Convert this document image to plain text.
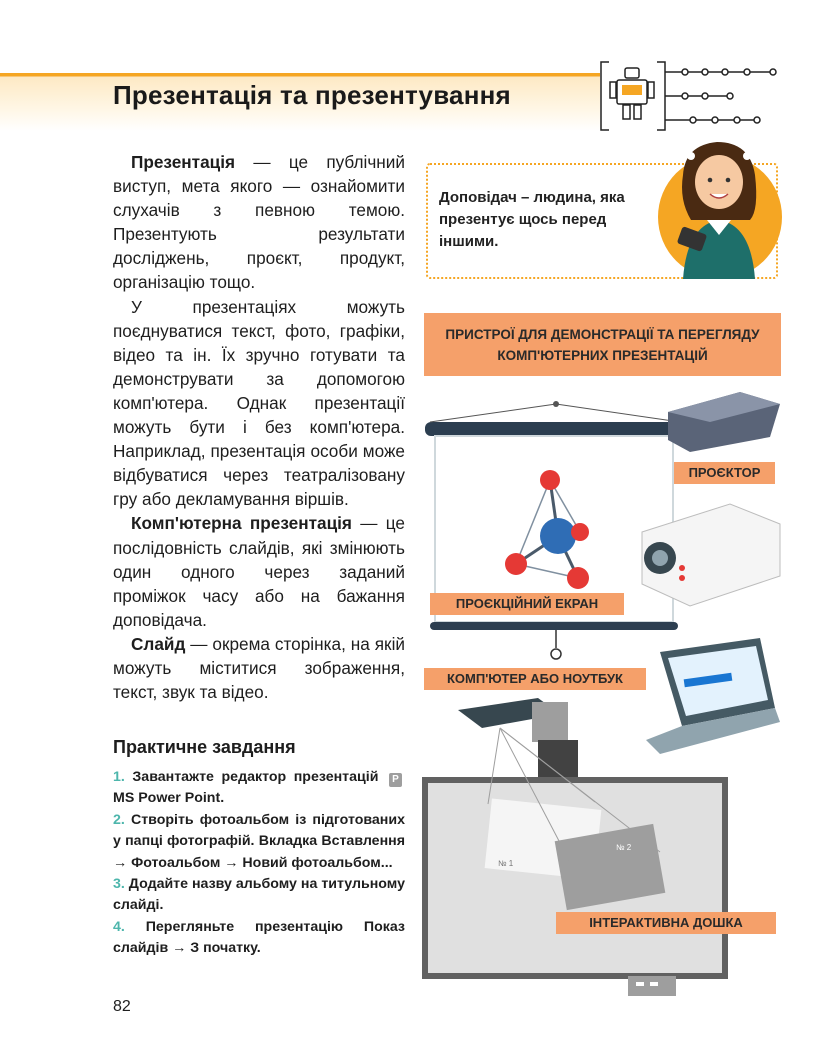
Презентація та презентування

Презентація — це публічний виступ, мета якого — ознайомити слухачів з певною темою. Презентують результати досліджень, проєкт, продукт, організацію тощо.

У презентаціях можуть поєднуватися текст, фото, графіки, відео та ін. Їх зручно готувати та демонструвати за допомогою комп'ютера. Однак презентації можуть бути і без комп'ютера. Наприклад, презентація особи може відбуватися через театралізовану гру або декламування віршів.

Комп'ютерна презентація — це послідовність слайдів, які змінюють один одного через заданий проміжок часу або на бажання доповідача.

Слайд — окрема сторінка, на якій можуть міститися зображення, текст, звук та відео.

Практичне завдання
1. Завантажте редактор презентацій P MS Power Point.
2. Створіть фотоальбом із підготованих у папці фотографій. Вкладка Вставлення → Фотоальбом → Новий фотоальбом...
3. Додайте назву альбому на титульному слайді.
4. Перегляньте презентацію Показ слайдів → З початку.
82
Доповідач – людина, яка презентує щось перед іншими.
ПРИСТРОЇ ДЛЯ ДЕМОНСТРАЦІЇ ТА ПЕРЕГЛЯДУ
КОМП'ЮТЕРНИХ ПРЕЗЕНТАЦІЙ
№ 1
№ 2
ПРОЄКТОР
ПРОЄКЦІЙНИЙ ЕКРАН
КОМП'ЮТЕР АБО НОУТБУК
ІНТЕРАКТИВНА ДОШКА
